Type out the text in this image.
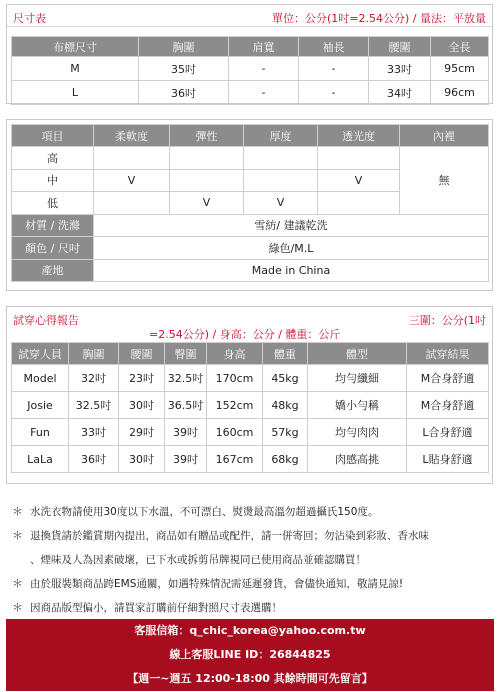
尺寸表	單位：公分(1吋=2.54公分) / 量法：平放量
布標尺寸	胸圍	肩寬	袖長	腰圍	全長
M	35吋	-	-	33吋	95cm
L	36吋	-	-	34吋	96cm
項目	柔軟度	彈性	厚度	透光度	內裡
高					無
中	V			V	
低		V	V		
材質 / 洗滌	雪紡/ 建議乾洗				
顏色 / 尺吋	綠色/M.L				
產地	Made in China				
試穿心得報告	三圍：公分(1吋
=2.54公分) / 身高：公分 / 體重：公斤
試穿人員	胸圍	腰圍	臀圍	身高	體重	體型	試穿結果
Model	32吋	23吋	32.5吋	170cm	45kg	均勻纖細	M合身舒適
Josie	32.5吋	30吋	36.5吋	152cm	48kg	嬌小勻稱	M合身舒適
Fun	33吋	29吋	39吋	160cm	57kg	均勻肉肉	L合身舒適
LaLa	36吋	30吋	39吋	167cm	68kg	肉感高挑	L貼身舒適
＊ 水洗衣物請使用30度以下水溫，不可漂白、熨燙最高溫勿超過攝氏150度。
＊ 退換貨請於鑑賞期內提出，商品如有贈品或配件，請一併寄回；勿沾染到彩妝、香水味
、煙味及人為因素破壞，已下水或拆剪吊牌視同已使用商品並確認購買！
＊ 由於服裝類商品跨EMS通關，如遇特殊情況需延遲發貨，會儘快通知，敬請見諒!
＊ 因商品版型偏小，請買家訂購前仔細對照尺寸表選購！
客服信箱：q_chic_korea@yahoo.com.tw
線上客服LINE ID：26844825
【週一~週五 12:00-18:00 其餘時間可先留言】
